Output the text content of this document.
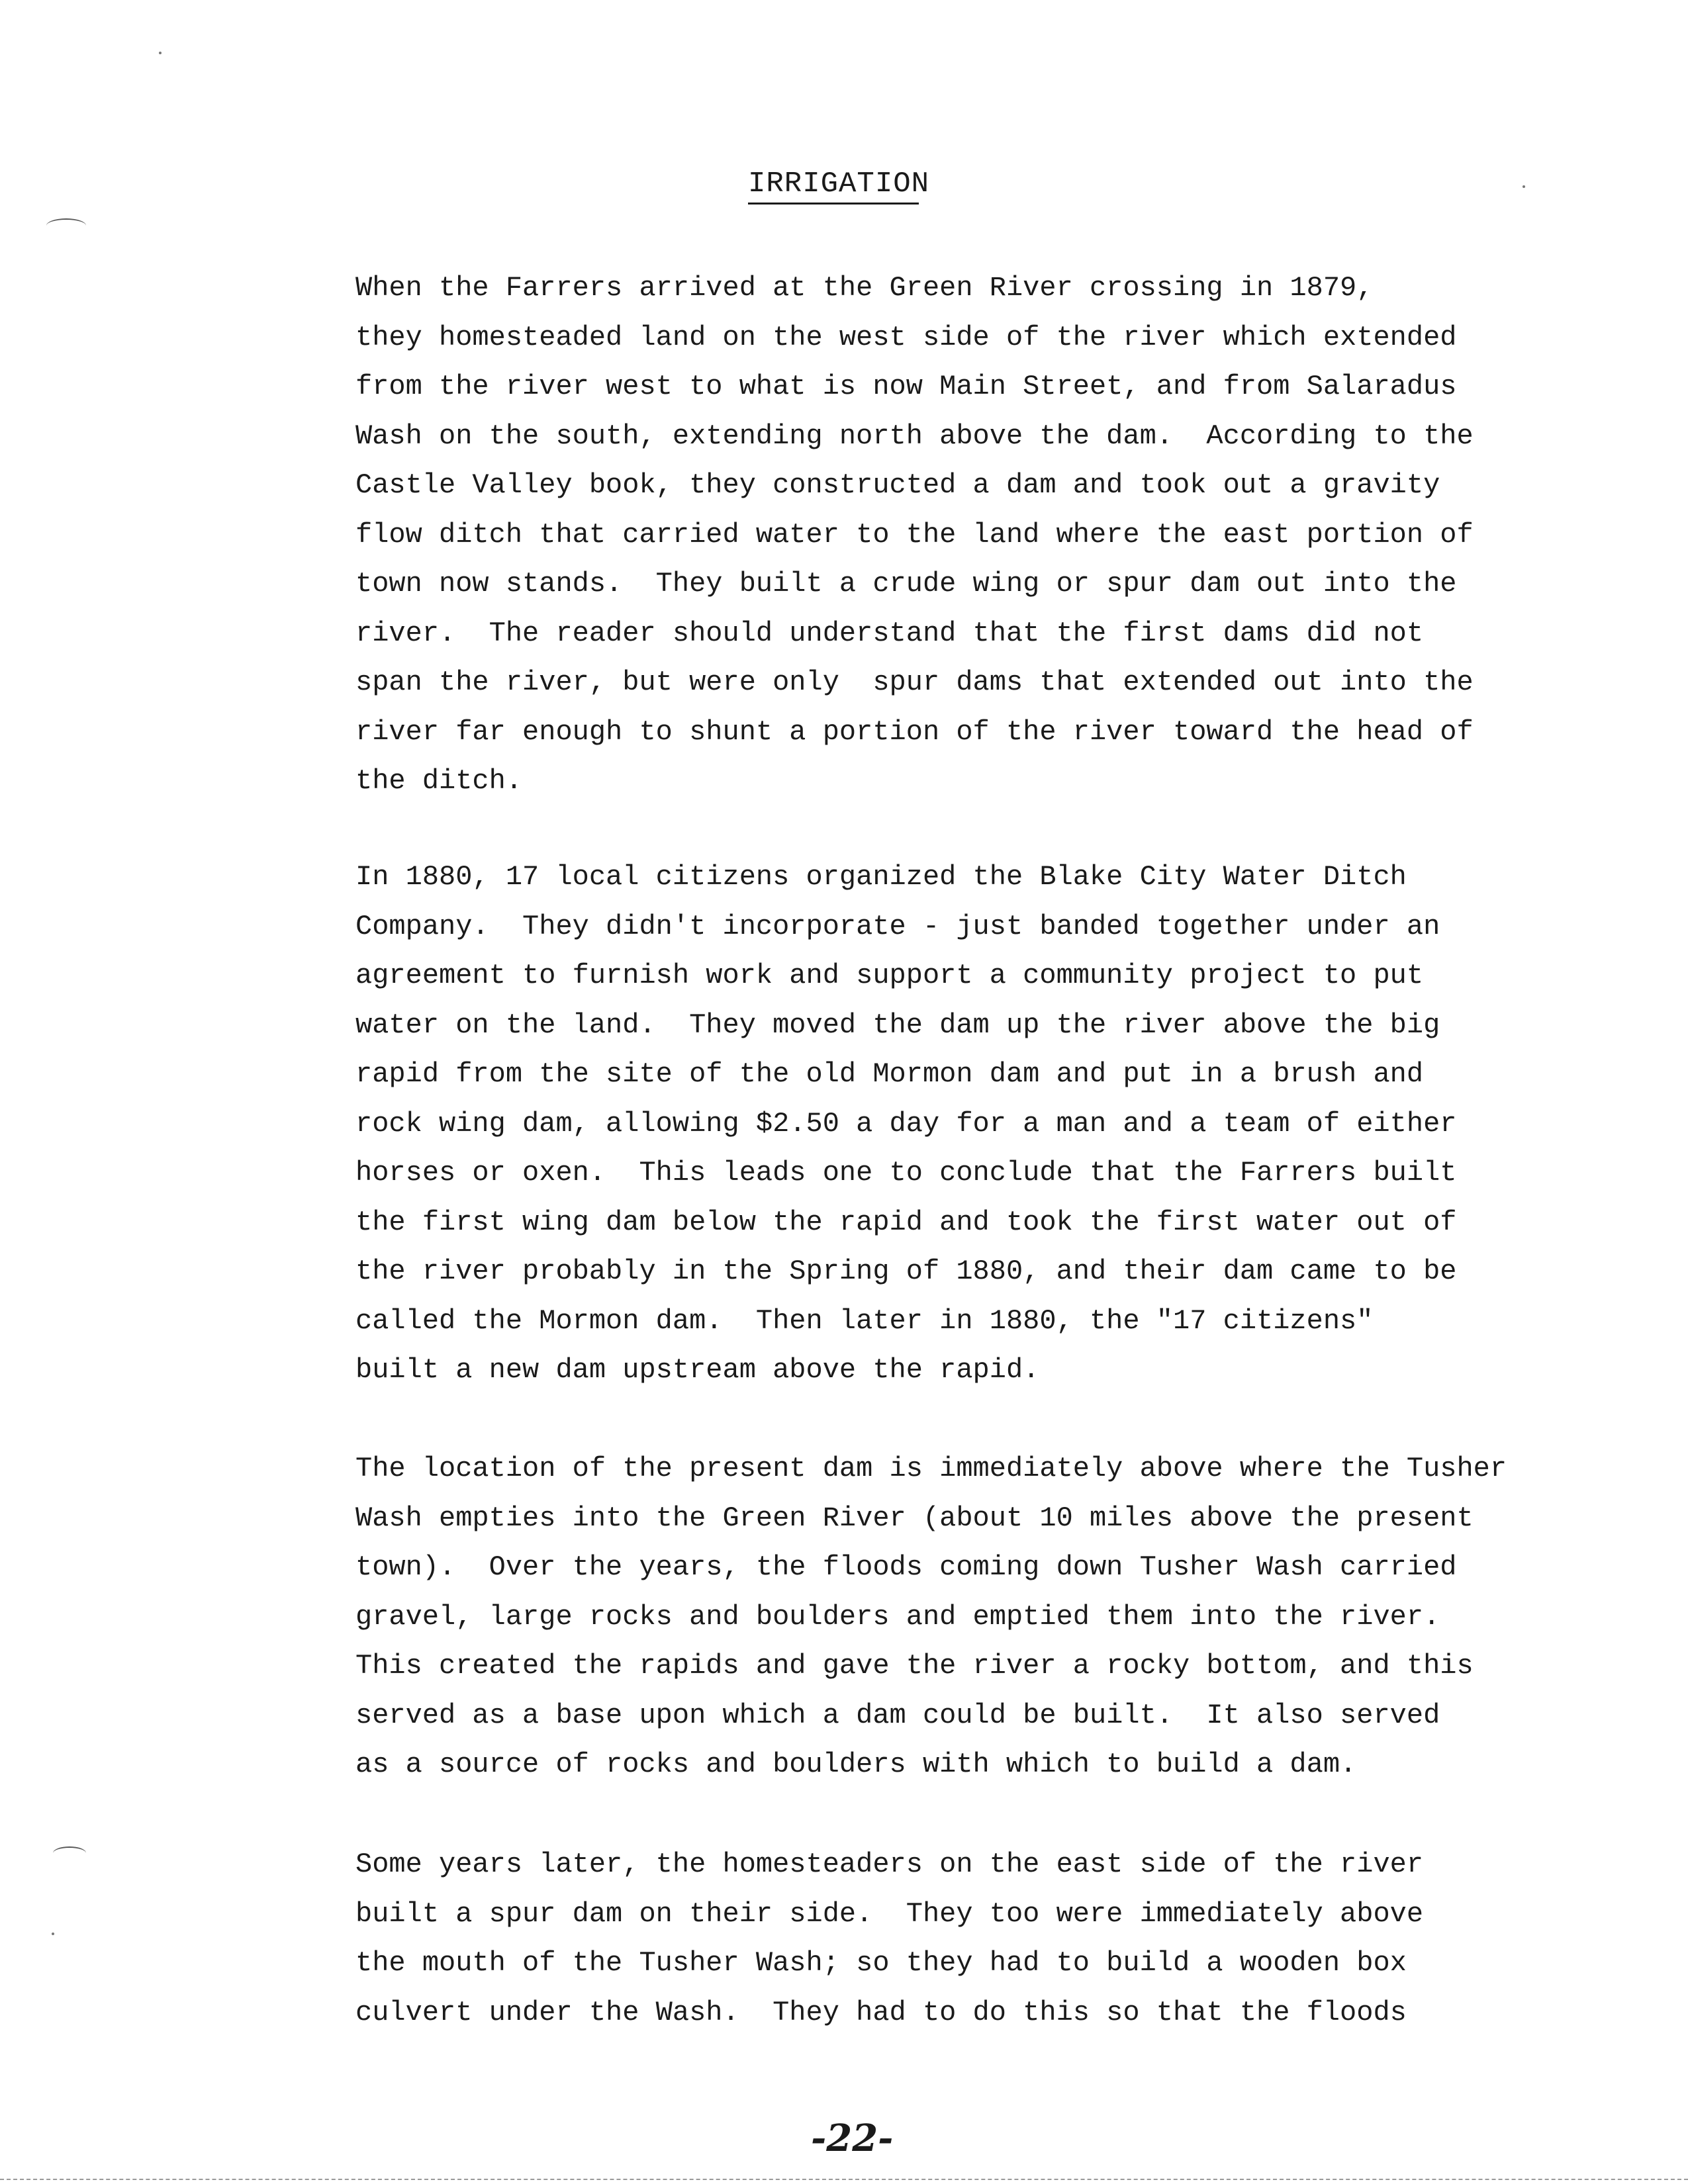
IRRIGATION
When the Farrers arrived at the Green River crossing in 1879,
they homesteaded land on the west side of the river which extended
from the river west to what is now Main Street, and from Salaradus
Wash on the south, extending north above the dam.  According to the
Castle Valley book, they constructed a dam and took out a gravity
flow ditch that carried water to the land where the east portion of
town now stands.  They built a crude wing or spur dam out into the
river.  The reader should understand that the first dams did not
span the river, but were only  spur dams that extended out into the
river far enough to shunt a portion of the river toward the head of
the ditch.
In 1880, 17 local citizens organized the Blake City Water Ditch
Company.  They didn't incorporate - just banded together under an
agreement to furnish work and support a community project to put
water on the land.  They moved the dam up the river above the big
rapid from the site of the old Mormon dam and put in a brush and
rock wing dam, allowing $2.50 a day for a man and a team of either
horses or oxen.  This leads one to conclude that the Farrers built
the first wing dam below the rapid and took the first water out of
the river probably in the Spring of 1880, and their dam came to be
called the Mormon dam.  Then later in 1880, the "17 citizens"
built a new dam upstream above the rapid.
The location of the present dam is immediately above where the Tusher
Wash empties into the Green River (about 10 miles above the present
town).  Over the years, the floods coming down Tusher Wash carried
gravel, large rocks and boulders and emptied them into the river.
This created the rapids and gave the river a rocky bottom, and this
served as a base upon which a dam could be built.  It also served
as a source of rocks and boulders with which to build a dam.
Some years later, the homesteaders on the east side of the river
built a spur dam on their side.  They too were immediately above
the mouth of the Tusher Wash; so they had to build a wooden box
culvert under the Wash.  They had to do this so that the floods
-22-
